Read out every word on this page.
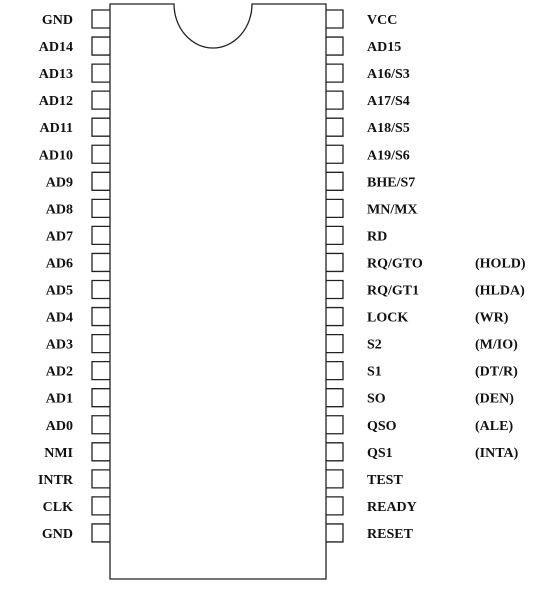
GND
AD14
AD13
AD12
AD11
AD10
AD9
AD8
AD7
AD6
AD5
AD4
AD3
AD2
AD1
AD0
NMI
INTR
CLK
GND
VCC
AD15
A16/S3
A17/S4
A18/S5
A19/S6
BHE/S7
MN/MX
RD
RQ/GTO	(HOLD)
RQ/GT1	(HLDA)
LOCK	(WR)
S2	(M/IO)
S1	(DT/R)
SO	(DEN)
QSO	(ALE)
QS1	(INTA)
TEST
READY
RESET
